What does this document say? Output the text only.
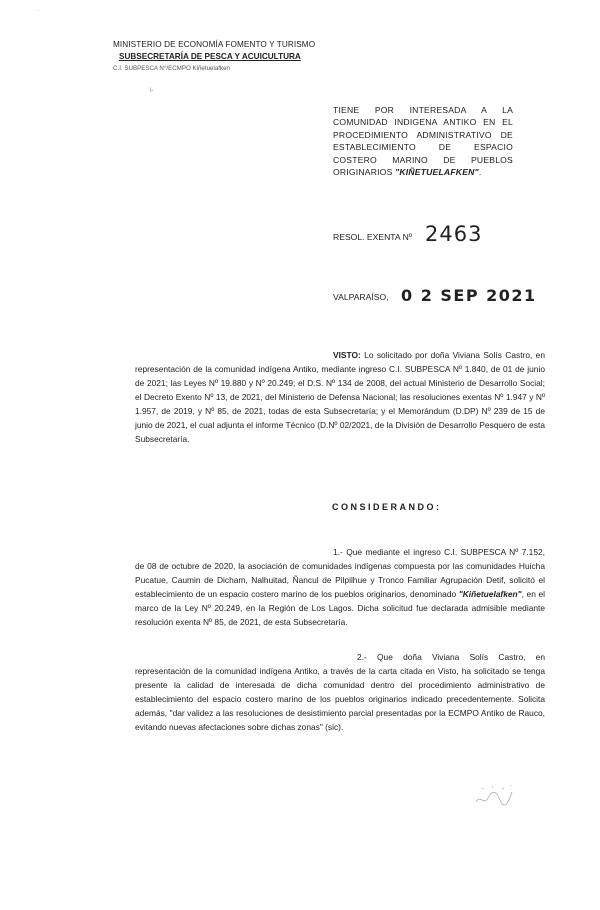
· ·
MINISTERIO DE ECONOMÍA FOMENTO Y TURISMO
SUBSECRETARÍA DE PESCA Y ACUICULTURA
C.I. SUBPESCA N°/ECMPO Kiñetuelafken
i-
TIENE POR INTERESADA A LA COMUNIDAD INDIGENA ANTIKO EN EL PROCEDIMIENTO ADMINISTRATIVO DE ESTABLECIMIENTO DE ESPACIO COSTERO MARINO DE PUEBLOS ORIGINARIOS "KIÑETUELAFKEN".
RESOL. EXENTA Nº 2463
VALPARAÍSO, 0 2 SEP 2021
VISTO: Lo solicitado por doña Viviana Solís Castro, en representación de la comunidad indígena Antiko, mediante ingreso C.I. SUBPESCA Nº 1.840, de 01 de junio de 2021; las Leyes Nº 19.880 y Nº 20.249; el D.S. Nº 134 de 2008, del actual Ministerio de Desarrollo Social; el Decreto Exento Nº 13, de 2021, del Ministerio de Defensa Nacional; las resoluciones exentas Nº 1.947 y Nº 1.957, de 2019, y Nº 85, de 2021, todas de esta Subsecretaría; y el Memorándum (D.DP) Nº 239 de 15 de junio de 2021, el cual adjunta el informe Técnico (D.Nº 02/2021, de la División de Desarrollo Pesquero de esta Subsecretaría.
CONSIDERANDO:
1.- Que mediante el ingreso C.I. SUBPESCA Nº 7.152, de 08 de octubre de 2020, la asociación de comunidades indígenas compuesta por las comunidades Huicha Pucatue, Caumin de Dicham, Nalhuitad, Ñancul de Pilpilhue y Tronco Familiar Agrupación Detif, solicitó el establecimiento de un espacio costero marino de los pueblos originarios, denominado "Kiñetuelafken", en el marco de la Ley Nº 20.249, en la Región de Los Lagos. Dicha solicitud fue declarada admisible mediante resolución exenta Nº 85, de 2021, de esta Subsecretaría.
2.- Que doña Viviana Solís Castro, en representación de la comunidad indígena Antiko, a través de la carta citada en Visto, ha solicitado se tenga presente la calidad de interesada de dicha comunidad dentro del procedimiento administrativo de establecimiento del espacio costero marino de los pueblos originarios indicado precedentemente. Solicita además, "dar validez a las resoluciones de desistimiento parcial presentadas por la ECMPO Antiko de Rauco, evitando nuevas afectaciones sobre dichas zonas" (sic).
